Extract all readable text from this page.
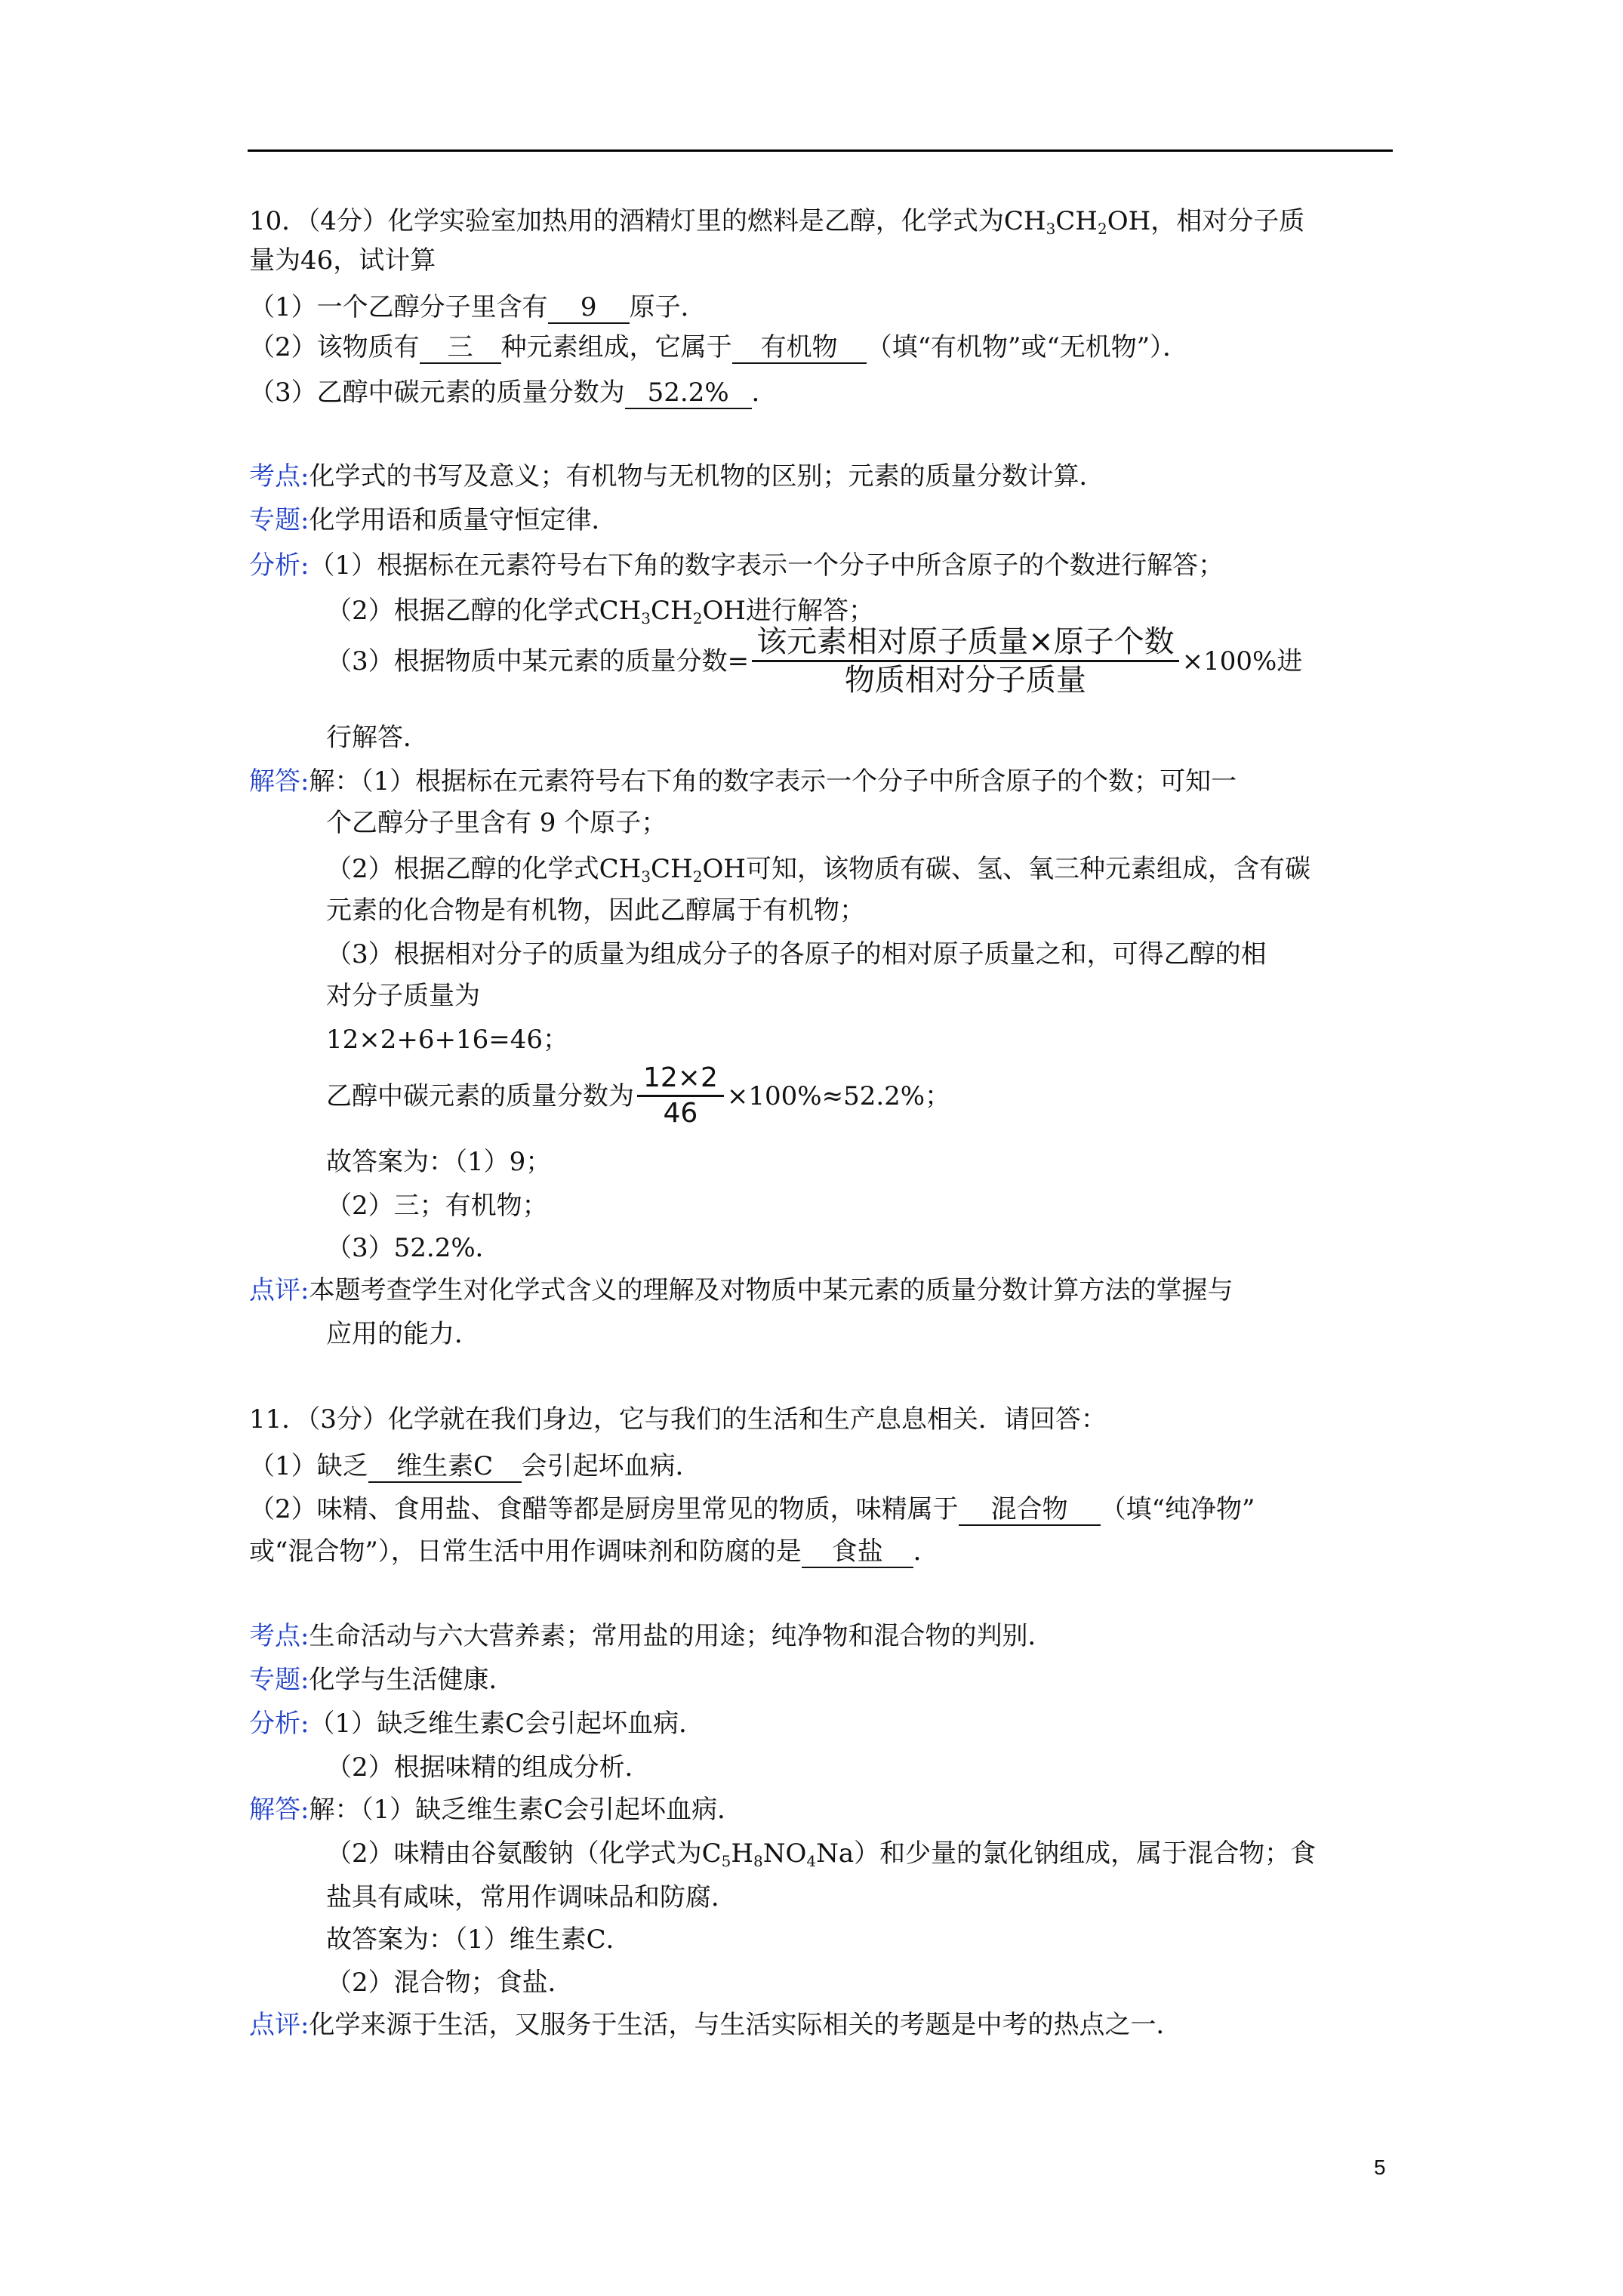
10．（4分）化学实验室加热用的酒精灯里的燃料是乙醇，化学式为$CH_3CH_2OH$，相对分子质
量为46，试计算
（1）一个乙醇分子里含有 9 原子．
（2）该物质有 三 种元素组成，它属于 有机物 （填“有机物”或“无机物”）．
（3）乙醇中碳元素的质量分数为 52.2% ．
考点:化学式的书写及意义；有机物与无机物的区别；元素的质量分数计算．
专题:化学用语和质量守恒定律．
分析:（1）根据标在元素符号右下角的数字表示一个分子中所含原子的个数进行解答；
（2）根据乙醇的化学式$CH_3CH_2OH$进行解答；
（3）根据物质中某元素的质量分数= $\frac{\text{该元素相对原子质量×原子个数}}{\text{物质相对分子质量}} \times 100\%$进
行解答．
解答:解：（1）根据标在元素符号右下角的数字表示一个分子中所含原子的个数；可知一
个乙醇分子里含有 9 个原子；
（2）根据乙醇的化学式$CH_3CH_2OH$可知，该物质有碳、氢、氧三种元素组成，含有碳
元素的化合物是有机物，因此乙醇属于有机物；
（3）根据相对分子的质量为组成分子的各原子的相对原子质量之和，可得乙醇的相
对分子质量为
12×2+6+16=46；
乙醇中碳元素的质量分数为 $\frac{12\times 2}{46} \times 100\%\approx 52.2\%$；
故答案为：（1）9；
（2）三；有机物；
（3）52.2%．
点评:本题考查学生对化学式含义的理解及对物质中某元素的质量分数计算方法的掌握与
应用的能力．
11．（3分）化学就在我们身边，它与我们的生活和生产息息相关．请回答：
（1）缺乏 维生素C 会引起坏血病．
（2）味精、食用盐、食醋等都是厨房里常见的物质，味精属于 混合物 （填“纯净物”
或“混合物”），日常生活中用作调味剂和防腐的是 食盐 ．
考点:生命活动与六大营养素；常用盐的用途；纯净物和混合物的判别．
专题:化学与生活健康．
分析:（1）缺乏维生素C会引起坏血病．
（2）根据味精的组成分析．
解答:解：（1）缺乏维生素C会引起坏血病．
（2）味精由谷氨酸钠（化学式为$C_5H_8NO_4Na$）和少量的氯化钠组成，属于混合物；食
盐具有咸味，常用作调味品和防腐．
故答案为：（1）维生素C．
（2）混合物；食盐．
点评:化学来源于生活，又服务于生活，与生活实际相关的考题是中考的热点之一．
5
